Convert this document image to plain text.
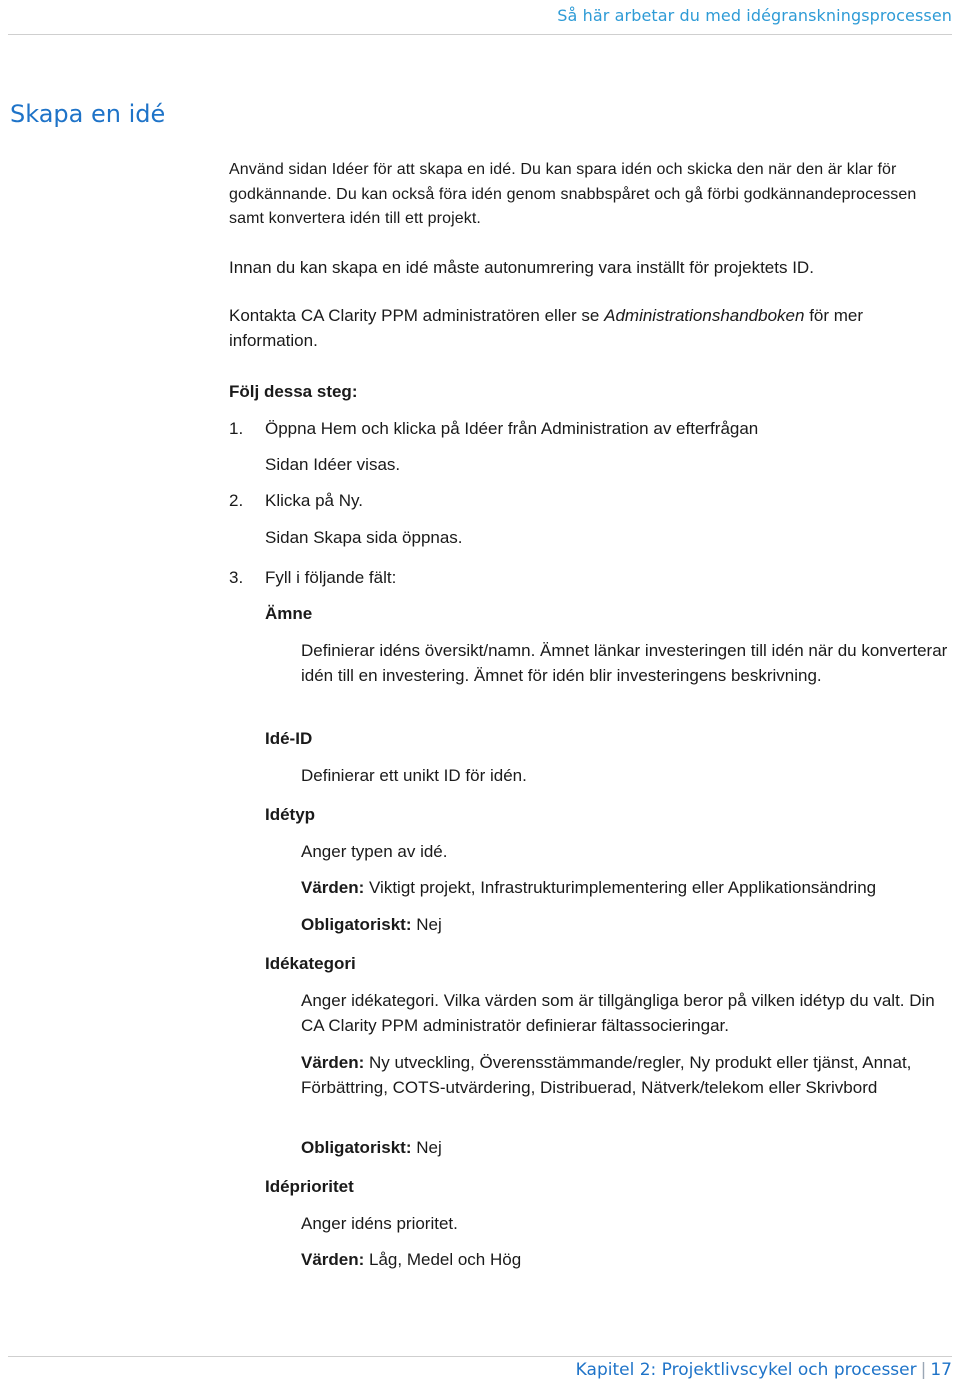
Så här arbetar du med idégranskningsprocessen
Skapa en idé

Använd sidan Idéer för att skapa en idé. Du kan spara idén och skicka den när den är klar för godkännande. Du kan också föra idén genom snabbspåret och gå förbi godkännandeprocessen samt konvertera idén till ett projekt.

Innan du kan skapa en idé måste autonumrering vara inställt för projektets ID.

Kontakta CA Clarity PPM administratören eller se Administrationshandboken för mer information.

Följ dessa steg:
1. Öppna Hem och klicka på Idéer från Administration av efterfrågan
Sidan Idéer visas.
2. Klicka på Ny.
Sidan Skapa sida öppnas.
3. Fyll i följande fält:
Ämne

Definierar idéns översikt/namn. Ämnet länkar investeringen till idén när du konverterar idén till en investering. Ämnet för idén blir investeringens beskrivning.

Idé-ID

Definierar ett unikt ID för idén.

Idétyp

Anger typen av idé.

Värden: Viktigt projekt, Infrastrukturimplementering eller Applikationsändring

Obligatoriskt: Nej

Idékategori

Anger idékategori. Vilka värden som är tillgängliga beror på vilken idétyp du valt. Din CA Clarity PPM administratör definierar fältassocieringar.

Värden: Ny utveckling, Överensstämmande/regler, Ny produkt eller tjänst, Annat, Förbättring, COTS-utvärdering, Distribuerad, Nätverk/telekom eller Skrivbord

Obligatoriskt: Nej

Idéprioritet

Anger idéns prioritet.

Värden: Låg, Medel och Hög

Kapitel 2: Projektlivscykel och processer | 17
